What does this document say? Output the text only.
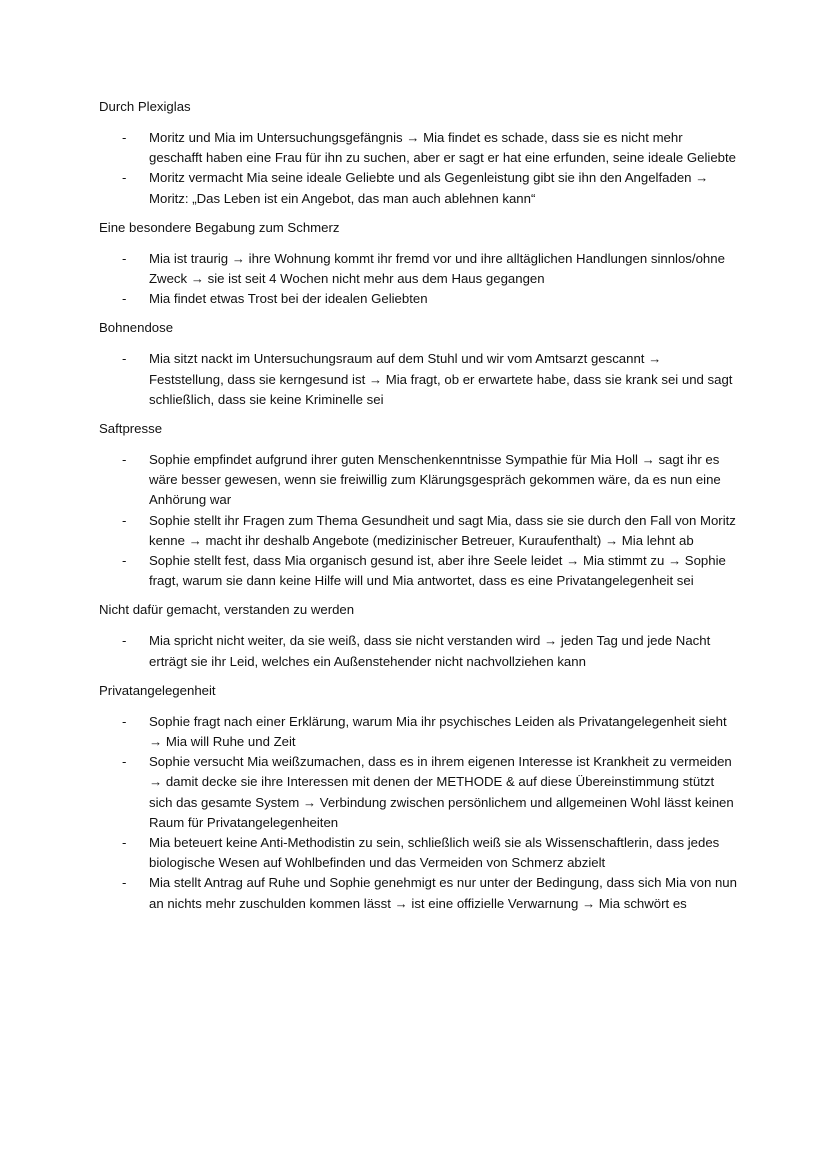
Durch Plexiglas
- Moritz und Mia im Untersuchungsgefängnis → Mia findet es schade, dass sie es nicht mehr geschafft haben eine Frau für ihn zu suchen, aber er sagt er hat eine erfunden, seine ideale Geliebte
- Moritz vermacht Mia seine ideale Geliebte und als Gegenleistung gibt sie ihn den Angelfaden → Moritz: „Das Leben ist ein Angebot, das man auch ablehnen kann“
Eine besondere Begabung zum Schmerz
- Mia ist traurig → ihre Wohnung kommt ihr fremd vor und ihre alltäglichen Handlungen sinnlos/ohne Zweck → sie ist seit 4 Wochen nicht mehr aus dem Haus gegangen
- Mia findet etwas Trost bei der idealen Geliebten
Bohnendose
- Mia sitzt nackt im Untersuchungsraum auf dem Stuhl und wir vom Amtsarzt gescannt → Feststellung, dass sie kerngesund ist → Mia fragt, ob er erwartete habe, dass sie krank sei und sagt schließlich, dass sie keine Kriminelle sei
Saftpresse
- Sophie empfindet aufgrund ihrer guten Menschenkenntnisse Sympathie für Mia Holl → sagt ihr es wäre besser gewesen, wenn sie freiwillig zum Klärungsgespräch gekommen wäre, da es nun eine Anhörung war
- Sophie stellt ihr Fragen zum Thema Gesundheit und sagt Mia, dass sie sie durch den Fall von Moritz kenne → macht ihr deshalb Angebote (medizinischer Betreuer, Kuraufenthalt) → Mia lehnt ab
- Sophie stellt fest, dass Mia organisch gesund ist, aber ihre Seele leidet → Mia stimmt zu → Sophie fragt, warum sie dann keine Hilfe will und Mia antwortet, dass es eine Privatangelegenheit sei
Nicht dafür gemacht, verstanden zu werden
- Mia spricht nicht weiter, da sie weiß, dass sie nicht verstanden wird → jeden Tag und jede Nacht erträgt sie ihr Leid, welches ein Außenstehender nicht nachvollziehen kann
Privatangelegenheit
- Sophie fragt nach einer Erklärung, warum Mia ihr psychisches Leiden als Privatangelegenheit sieht → Mia will Ruhe und Zeit
- Sophie versucht Mia weißzumachen, dass es in ihrem eigenen Interesse ist Krankheit zu vermeiden → damit decke sie ihre Interessen mit denen der METHODE & auf diese Übereinstimmung stützt sich das gesamte System → Verbindung zwischen persönlichem und allgemeinen Wohl lässt keinen Raum für Privatangelegenheiten
- Mia beteuert keine Anti-Methodistin zu sein, schließlich weiß sie als Wissenschaftlerin, dass jedes biologische Wesen auf Wohlbefinden und das Vermeiden von Schmerz abzielt
- Mia stellt Antrag auf Ruhe und Sophie genehmigt es nur unter der Bedingung, dass sich Mia von nun an nichts mehr zuschulden kommen lässt → ist eine offizielle Verwarnung → Mia schwört es
